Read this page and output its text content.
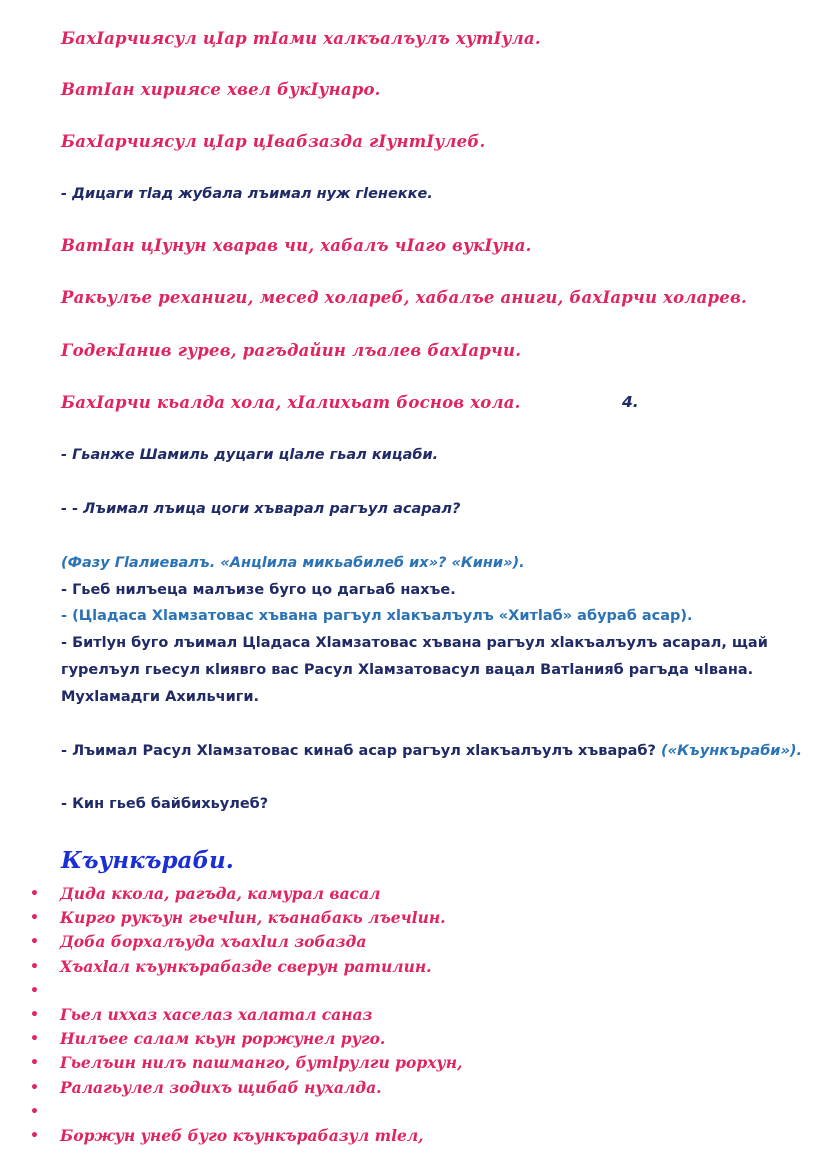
БахIарчиясул цIар тIами халкъалъулъ хутIула.
ВатIан хириясе хвел букIунаро.
БахIарчиясул цIар цIвабзазда гIунтIулеб.
- Дицаги тlад жубала лъимал нуж гlенекке.
ВатIан цIунун хварав чи, хабалъ чIаго вукIуна.
Ракьулъе реханиги, месед холареб, хабалъе аниги, бахIарчи холарев.
ГодекIанив гурев, рагъдайин лъалев бахIарчи.
БахIарчи кьалда хола, хIалихьат боснов хола.	4.
- Гьанже Шамиль дуцаги цlале гьал кицаби.
- - Лъимал лъица цоги хъварал рагъул асарал?
(Фазу Гlалиевалъ. «Анцlила микьабилеб их»? «Кини»).
- Гьеб нилъеца малъизе буго цо дагьаб нахъе.
- (Цlадаса Хlамзатовас хъвана рагъул хlакъалъулъ «Хитlаб» абураб асар).
- Битlун буго лъимал Цlадаса Хlамзатовас хъвана рагъул хlакъалъулъ асарал, щай
гурелъул гьесул кlиявго вас Расул Хlамзатовасул вацал Ватlанияб рагъда чlвана.
Мухlамадги Ахильчиги.
- Лъимал Расул Хlамзатовас кинаб асар рагъул хlакъалъулъ хъвараб? («Къункъраби»).
- Кин гьеб байбихьулеб?
Къункъраби.
• Дида ккола, рагъда, камурал васал
• Кирго рукъун гьечlин, къанабакь лъечlин.
• Доба борхалъуда хъахlил зобазда
• Хъахlал къункърабазде сверун ратилин.
•
• Гьел иххаз хаселаз халатал саназ
• Нилъее салам кьун роржунел руго.
• Гьелъин нилъ пашманго, бутlрулги рорхун,
• Ралагьулел зодихъ щибаб нухалда.
•
• Боржун унеб буго къункърабазул тlел,
